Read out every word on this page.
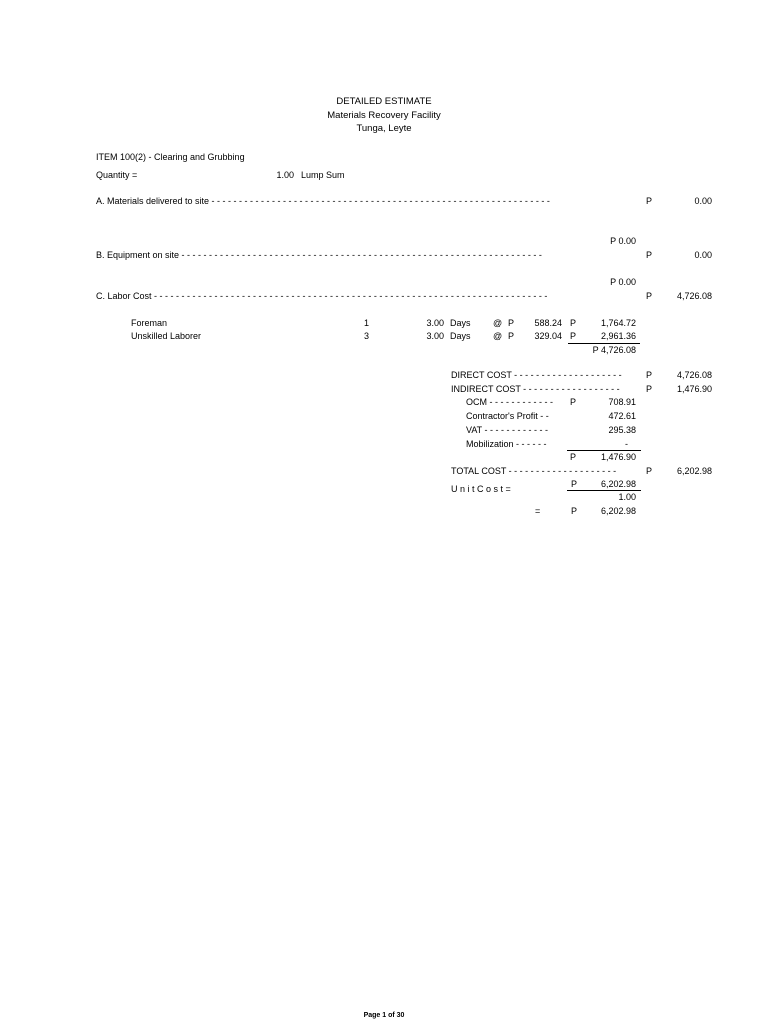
DETAILED ESTIMATE
Materials Recovery Facility
Tunga, Leyte
ITEM 100(2) - Clearing and Grubbing
Quantity =	1.00 Lump Sum
A. Materials delivered to site - - - - - - - - - - - - - - - - - - - - - - - - - - - - - - - - - - - - - - - - - - - - - - - - - - - - - - - - - - - - - -	P	0.00
P 0.00
B. Equipment on site - - - - - - - - - - - - - - - - - - - - - - - - - - - - - - - - - - - - - - - - - - - - - - - - - - - - - - - - - - - - - - - - - -	P	0.00
P 0.00
C. Labor Cost - - - - - - - - - - - - - - - - - - - - - - - - - - - - - - - - - - - - - - - - - - - - - - - - - - - - - - - - - - - - - - - - - - - - - - - -	P	4,726.08
Foreman	1	3.00 Days @ P	588.24 P	1,764.72
Unskilled Laborer	3	3.00 Days @ P	329.04 P	2,961.36
P 4,726.08
DIRECT COST - - - - - - - - - - - - - - - - - - - -	P	4,726.08
INDIRECT COST - - - - - - - - - - - - - - - - - -	P	1,476.90
OCM - - - - - - - - - - - - P	708.91
Contractor's Profit - -	472.61
VAT - - - - - - - - - - - -	295.38
Mobilization - - - - - -	-
P	1,476.90
TOTAL COST - - - - - - - - - - - - - - - - - - - -	P	6,202.98
U n i t C o s t =	P	6,202.98
1.00
=	P	6,202.98
Page 1 of 30
